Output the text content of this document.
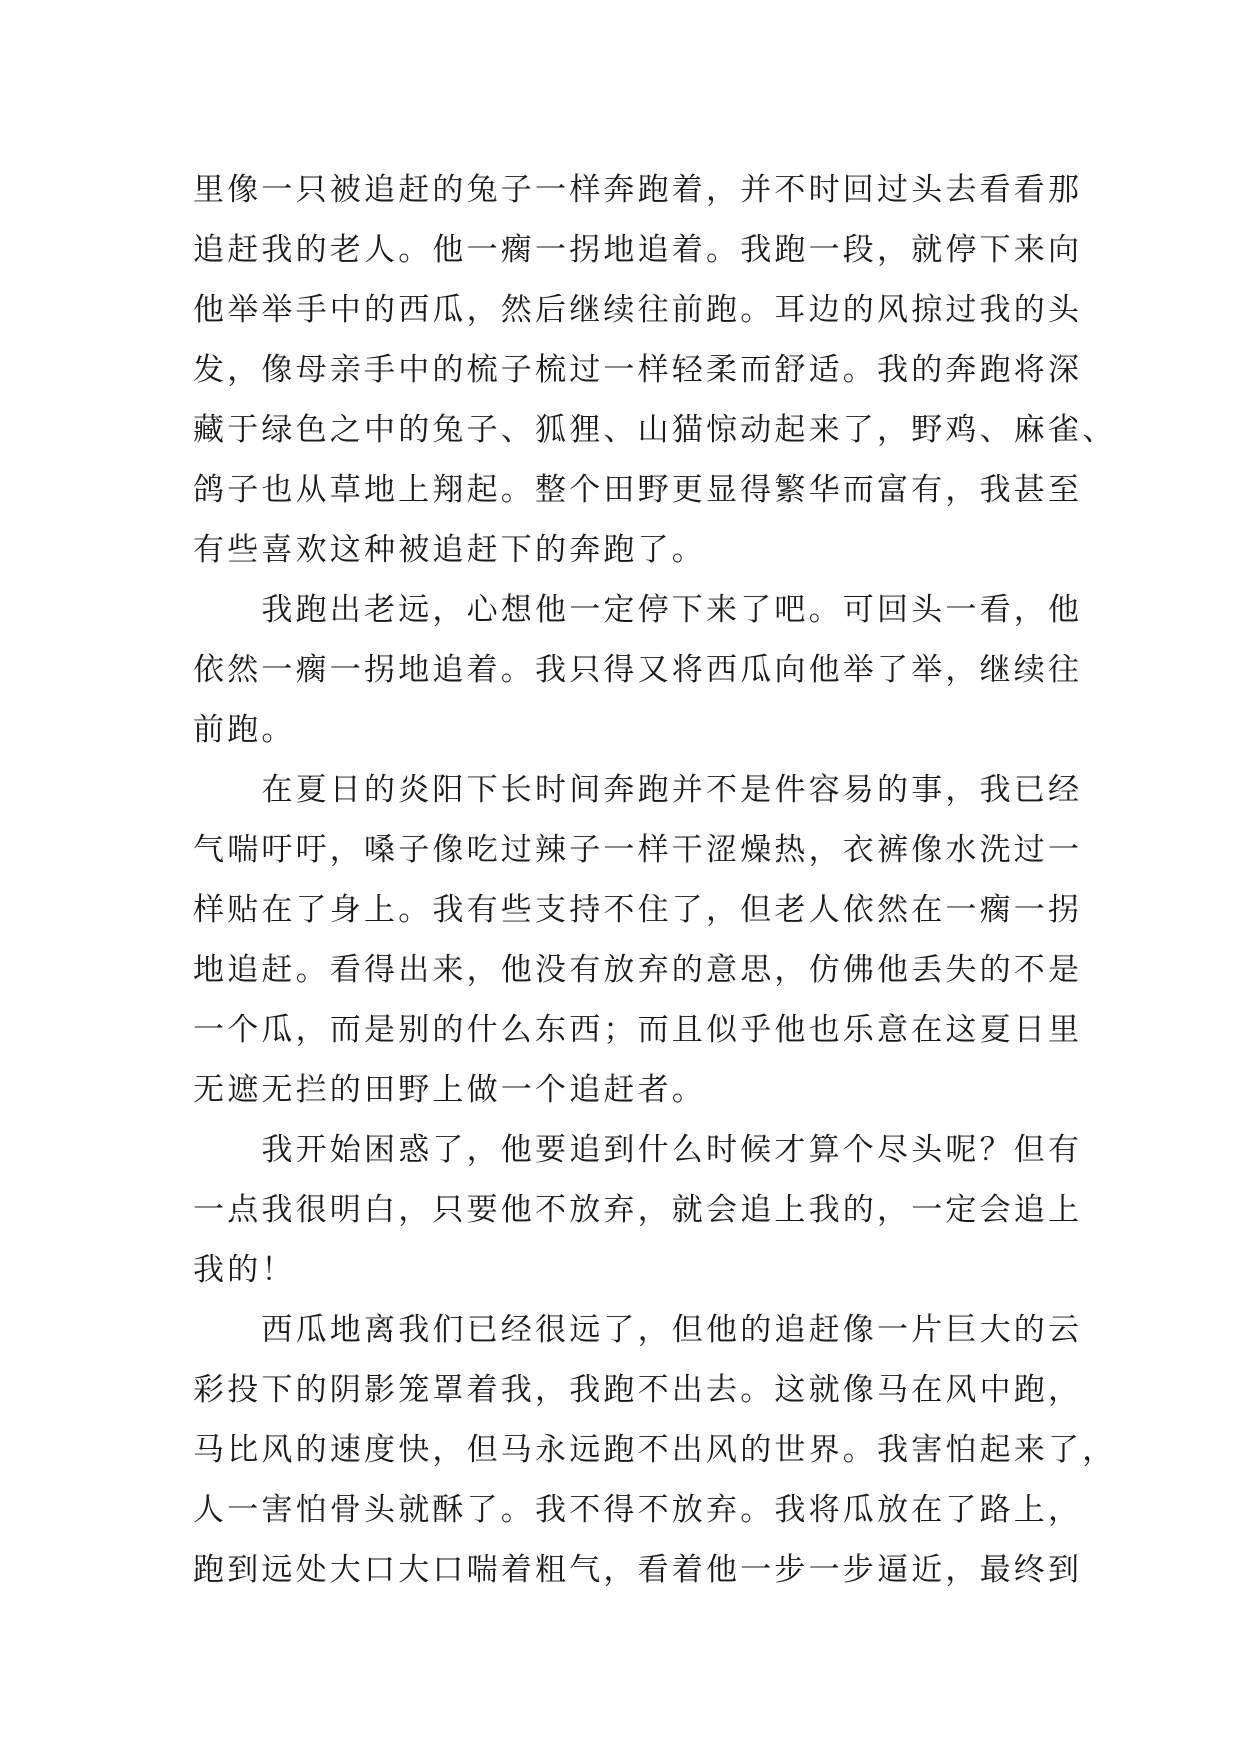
里像一只被追赶的兔子一样奔跑着，并不时回过头去看看那
追赶我的老人。他一瘸一拐地追着。我跑一段，就停下来向
他举举手中的西瓜，然后继续往前跑。耳边的风掠过我的头
发，像母亲手中的梳子梳过一样轻柔而舒适。我的奔跑将深
藏于绿色之中的兔子、狐狸、山猫惊动起来了，野鸡、麻雀、
鸽子也从草地上翔起。整个田野更显得繁华而富有，我甚至
有些喜欢这种被追赶下的奔跑了。
　　我跑出老远，心想他一定停下来了吧。可回头一看，他
依然一瘸一拐地追着。我只得又将西瓜向他举了举，继续往
前跑。
　　在夏日的炎阳下长时间奔跑并不是件容易的事，我已经
气喘吁吁，嗓子像吃过辣子一样干涩燥热，衣裤像水洗过一
样贴在了身上。我有些支持不住了，但老人依然在一瘸一拐
地追赶。看得出来，他没有放弃的意思，仿佛他丢失的不是
一个瓜，而是别的什么东西；而且似乎他也乐意在这夏日里
无遮无拦的田野上做一个追赶者。
　　我开始困惑了，他要追到什么时候才算个尽头呢？但有
一点我很明白，只要他不放弃，就会追上我的，一定会追上
我的！
　　西瓜地离我们已经很远了，但他的追赶像一片巨大的云
彩投下的阴影笼罩着我，我跑不出去。这就像马在风中跑，
马比风的速度快，但马永远跑不出风的世界。我害怕起来了，
人一害怕骨头就酥了。我不得不放弃。我将瓜放在了路上，
跑到远处大口大口喘着粗气，看着他一步一步逼近，最终到
